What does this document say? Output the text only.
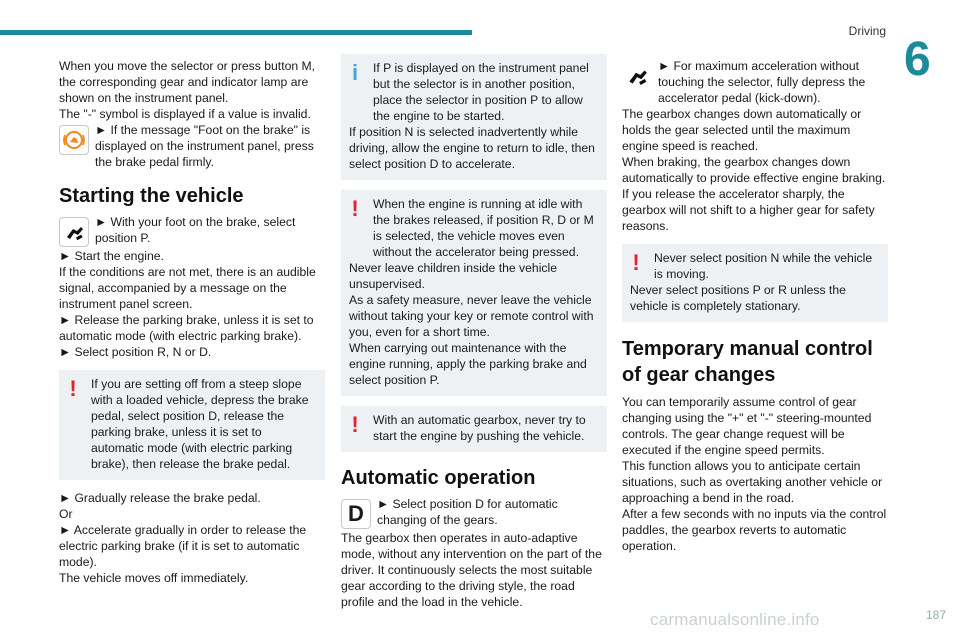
Driving
6

When you move the selector or press button M, the corresponding gear and indicator lamp are shown on the instrument panel.

The "-" symbol is displayed if a value is invalid.

► If the message "Foot on the brake" is displayed on the instrument panel, press the brake pedal firmly.
Starting the vehicle
► With your foot on the brake, select position P.

► Start the engine.

If the conditions are not met, there is an audible signal, accompanied by a message on the instrument panel screen.

► Release the parking brake, unless it is set to automatic mode (with electric parking brake).

► Select position R, N or D.

!	If you are setting off from a steep slope with a loaded vehicle, depress the brake pedal, select position D, release the parking brake, unless it is set to automatic mode (with electric parking brake), then release the brake pedal.

► Gradually release the brake pedal.

Or

► Accelerate gradually in order to release the electric parking brake (if it is set to automatic mode).

The vehicle moves off immediately.

i	If P is displayed on the instrument panel but the selector is in another position, place the selector in position P to allow the engine to be started.
If position N is selected inadvertently while driving, allow the engine to return to idle, then select position D to accelerate.
!	When the engine is running at idle with the brakes released, if position R, D or M is selected, the vehicle moves even without the accelerator being pressed.
Never leave children inside the vehicle unsupervised.
As a safety measure, never leave the vehicle without taking your key or remote control with you, even for a short time.
When carrying out maintenance with the engine running, apply the parking brake and select position P.
!	With an automatic gearbox, never try to start the engine by pushing the vehicle.
Automatic operation
D ► Select position D for automatic changing of the gears.

The gearbox then operates in auto-adaptive mode, without any intervention on the part of the driver. It continuously selects the most suitable gear according to the driving style, the road profile and the load in the vehicle.

► For maximum acceleration without touching the selector, fully depress the accelerator pedal (kick-down).

The gearbox changes down automatically or holds the gear selected until the maximum engine speed is reached.

When braking, the gearbox changes down automatically to provide effective engine braking.

If you release the accelerator sharply, the gearbox will not shift to a higher gear for safety reasons.

!	Never select position N while the vehicle is moving.
Never select positions P or R unless the vehicle is completely stationary.
Temporary manual control of gear changes

You can temporarily assume control of gear changing using the "+" et "-" steering-mounted controls. The gear change request will be executed if the engine speed permits.

This function allows you to anticipate certain situations, such as overtaking another vehicle or approaching a bend in the road.

After a few seconds with no inputs via the control paddles, the gearbox reverts to automatic operation.

carmanualsonline.info	187
